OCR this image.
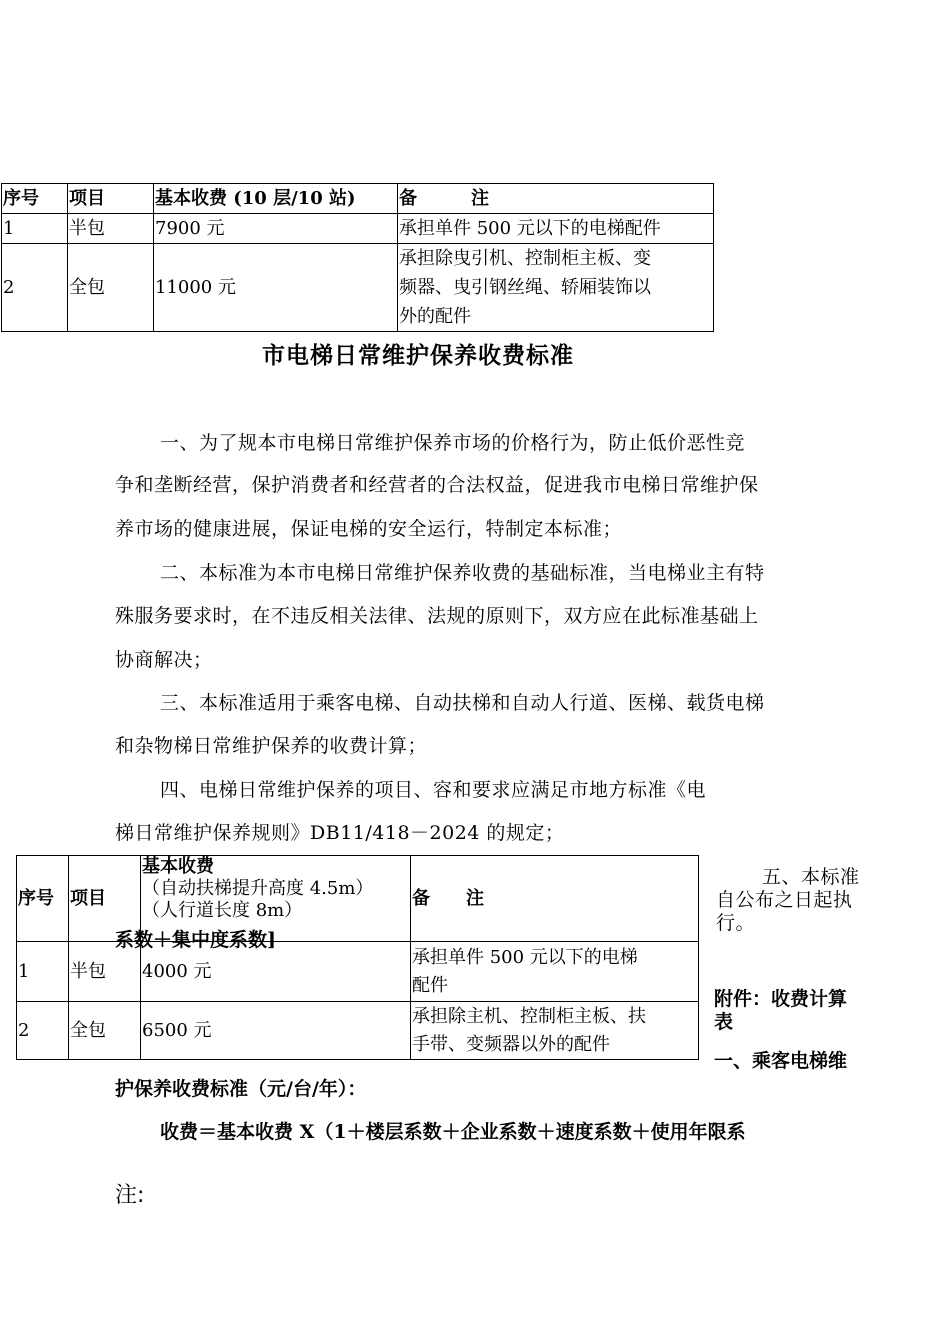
序号	项目	基本收费 (10 层/10 站)	备　　　注
1	半包	7900 元	承担单件 500 元以下的电梯配件
2	全包	11000 元	承担除曳引机、控制柜主板、变
频器、曳引钢丝绳、轿厢装饰以
外的配件
市电梯日常维护保养收费标准
一、为了规本市电梯日常维护保养市场的价格行为，防止低价恶性竞
争和垄断经营，保护消费者和经营者的合法权益，促进我市电梯日常维护保
养市场的健康进展，保证电梯的安全运行，特制定本标准；
二、本标准为本市电梯日常维护保养收费的基础标准，当电梯业主有特
殊服务要求时，在不违反相关法律、法规的原则下，双方应在此标准基础上
协商解决；
三、本标准适用于乘客电梯、自动扶梯和自动人行道、医梯、载货电梯
和杂物梯日常维护保养的收费计算；
四、电梯日常维护保养的项目、容和要求应满足市地方标准《电
梯日常维护保养规则》DB11/418－2024 的规定；
序号	项目	基本收费
（自动扶梯提升高度 4.5m）
（人行道长度 8m）	备　　注
1	半包	4000 元	承担单件 500 元以下的电梯
配件

2	全包	6500 元	承担除主机、控制柜主板、扶
手带、变频器以外的配件
系数＋集中度系数]
五、本标准
自公布之日起执
行。
附件：收费计算
表
一、乘客电梯维
护保养收费标准（元/台/年）：
收费＝基本收费 X（1＋楼层系数＋企业系数＋速度系数＋使用年限系
注:
